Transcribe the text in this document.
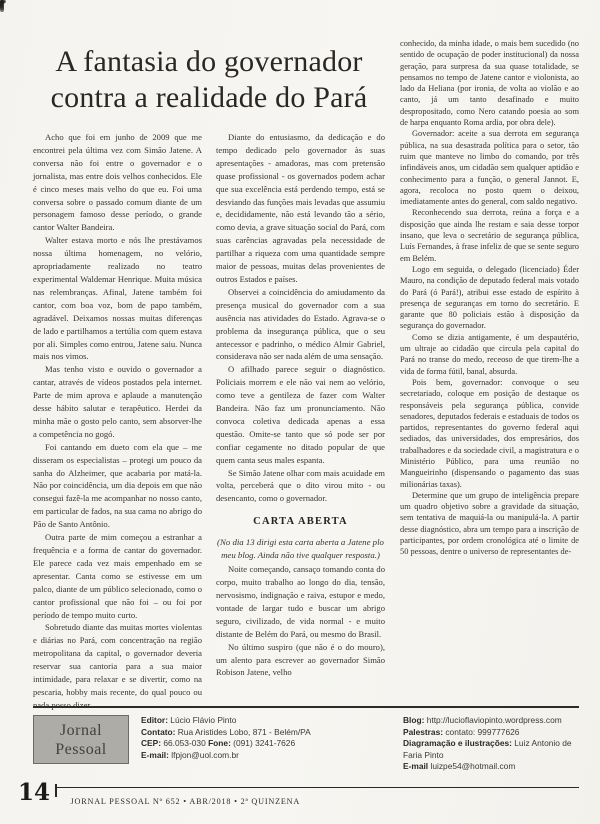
A fantasia do governador
contra a realidade do Pará

Acho que foi em junho de 2009 que me encontrei pela última vez com Simão Jatene. A conversa não foi entre o governador e o jornalista, mas entre dois velhos conhecidos. Ele é cinco meses mais velho do que eu. Foi uma conversa sobre o passado comum diante de um personagem famoso desse período, o grande cantor Walter Bandeira.

Walter estava morto e nós lhe prestávamos nossa última homenagem, no velório, apropriadamente realizado no teatro experimental Waldemar Henrique. Muita música nas relembranças. Afinal, Jatene também foi cantor, com boa voz, bom de papo também, agradável. Deixamos nossas muitas diferenças de lado e partilhamos a tertúlia com quem estava por ali. Simples como entrou, Jatene saiu. Nunca mais nos vimos.

Mas tenho visto e ouvido o governador a cantar, através de vídeos postados pela internet. Parte de mim aprova e aplaude a manutenção desse hábito salutar e terapêutico. Herdei da minha mãe o gosto pelo canto, sem absorver-lhe a competência no gogó.

Foi cantando em dueto com ela que – me disseram os especialistas – protegi um pouco da sanha do Alzheimer, que acabaria por matá-la. Não por coincidência, um dia depois em que não consegui fazê-la me acompanhar no nosso canto, em particular de fados, na sua cama no abrigo do Pão de Santo Antônio.

Outra parte de mim começou a estranhar a frequência e a forma de cantar do governador. Ele parece cada vez mais empenhado em se apresentar. Canta como se estivesse em um palco, diante de um público selecionado, como o cantor profissional que não foi – ou foi por período de tempo muito curto.

Sobretudo diante das muitas mortes violentas e diárias no Pará, com concentração na região metropolitana da capital, o governador deveria reservar sua cantoria para a sua maior intimidade, para relaxar e se divertir, como na pescaria, hobby mais recente, do qual pouco ou nada posso dizer.

Diante do entusiasmo, da dedicação e do tempo dedicado pelo governador às suas apresentações - amadoras, mas com pretensão quase profissional - os governados podem achar que sua excelência está perdendo tempo, está se desviando das funções mais levadas que assumiu e, decididamente, não está levando tão a sério, como devia, a grave situação social do Pará, com suas carências agravadas pela necessidade de partilhar a riqueza com uma quantidade sempre maior de pessoas, muitas delas provenientes de outros Estados e países.

Observei a coincidência do amiudamento da presença musical do governador com a sua ausência nas atividades do Estado. Agrava-se o problema da insegurança pública, que o seu antecessor e padrinho, o médico Almir Gabriel, considerava não ser nada além de uma sensação.

O afilhado parece seguir o diagnóstico. Policiais morrem e ele não vai nem ao velório, como teve a gentileza de fazer com Walter Bandeira. Não faz um pronunciamento. Não convoca coletiva dedicada apenas a essa questão. Omite-se tanto que só pode ser por confiar cegamente no ditado popular de que quem canta seus males espanta.

Se Simão Jatene olhar com mais acuidade em volta, perceberá que o dito virou mito - ou desencanto, como o governador.

CARTA ABERTA

(No dia 13 dirigi esta carta aberta a Jatene plo meu blog. Ainda não tive qualquer resposta.)

Noite começando, cansaço tomando conta do corpo, muito trabalho ao longo do dia, tensão, nervosismo, indignação e raiva, estupor e medo, vontade de largar tudo e buscar um abrigo seguro, civilizado, de vida normal - e muito distante de Belém do Pará, ou mesmo do Brasil.

No último suspiro (que não é o do mouro), um alento para escrever ao governador Simão Robison Jatene, velho

conhecido, da minha idade, o mais bem sucedido (no sentido de ocupação de poder institucional) da nossa geração, para surpresa da sua quase totalidade, se pensamos no tempo de Jatene cantor e violonista, ao lado da Heliana (por ironia, de volta ao violão e ao canto, já um tanto desafinado e muito despropositado, como Nero catando poesia ao som de harpa enquanto Roma ardia, por obra dele).

Governador: aceite a sua derrota em segurança pública, na sua desastrada política para o setor, tão ruim que manteve no limbo do comando, por três infindáveis anos, um cidadão sem qualquer aptidão e conhecimento para a função, o general Jannot. E, agora, recoloca no posto quem o deixou, imediatamente antes do general, com saldo negativo.

Reconhecendo sua derrota, reúna a força e a disposição que ainda lhe restam e saia desse torpor insano, que leva o secretário de segurança pública, Luís Fernandes, à frase infeliz de que se sente seguro em Belém.

Logo em seguida, o delegado (licenciado) Éder Mauro, na condição de deputado federal mais votado do Pará (ó Pará!), atribui esse estado de espírito à presença de seguranças em torno do secretário. E garante que 80 policiais estão à disposição da segurança do governador.

Como se dizia antigamente, é um despautério, um ultraje ao cidadão que circula pela capital do Pará no transe do medo, receoso de que tirem-lhe a vida de forma fútil, banal, absurda.

Pois bem, governador: convoque o seu secretariado, coloque em posição de destaque os responsáveis pela segurança pública, convide senadores, deputados federais e estaduais de todos os partidos, representantes do governo federal aqui sediados, das universidades, dos empresários, dos trabalhadores e da sociedade civil, a magistratura e o Ministério Público, para uma reunião no Mangueirinho (dispensando o pagamento das suas milionárias taxas).

Determine que um grupo de inteligência prepare um quadro objetivo sobre a gravidade da situação, sem tentativa de maquiá-la ou manipulá-la. A partir desse diagnóstico, abra um tempo para a inscrição de participantes, por ordem cronológica até o limite de 50 pessoas, dentre o universo de representantes de-

Jornal
Pessoal
Editor: Lúcio Flávio Pinto
Contato: Rua Aristides Lobo, 871 - Belém/PA
CEP: 66.053-030 Fone: (091) 3241-7626
E-mail: lfpjon@uol.com.br
Blog: http://lucioflaviopinto.wordpress.com
Palestras: contato: 999777626
Diagramação e ilustrações: Luiz Antonio de Faria Pinto
E-mail luizpe54@hotmail.com
14	JORNAL PESSOAL Nº 652 • ABR/2018 • 2ª QUINZENA
